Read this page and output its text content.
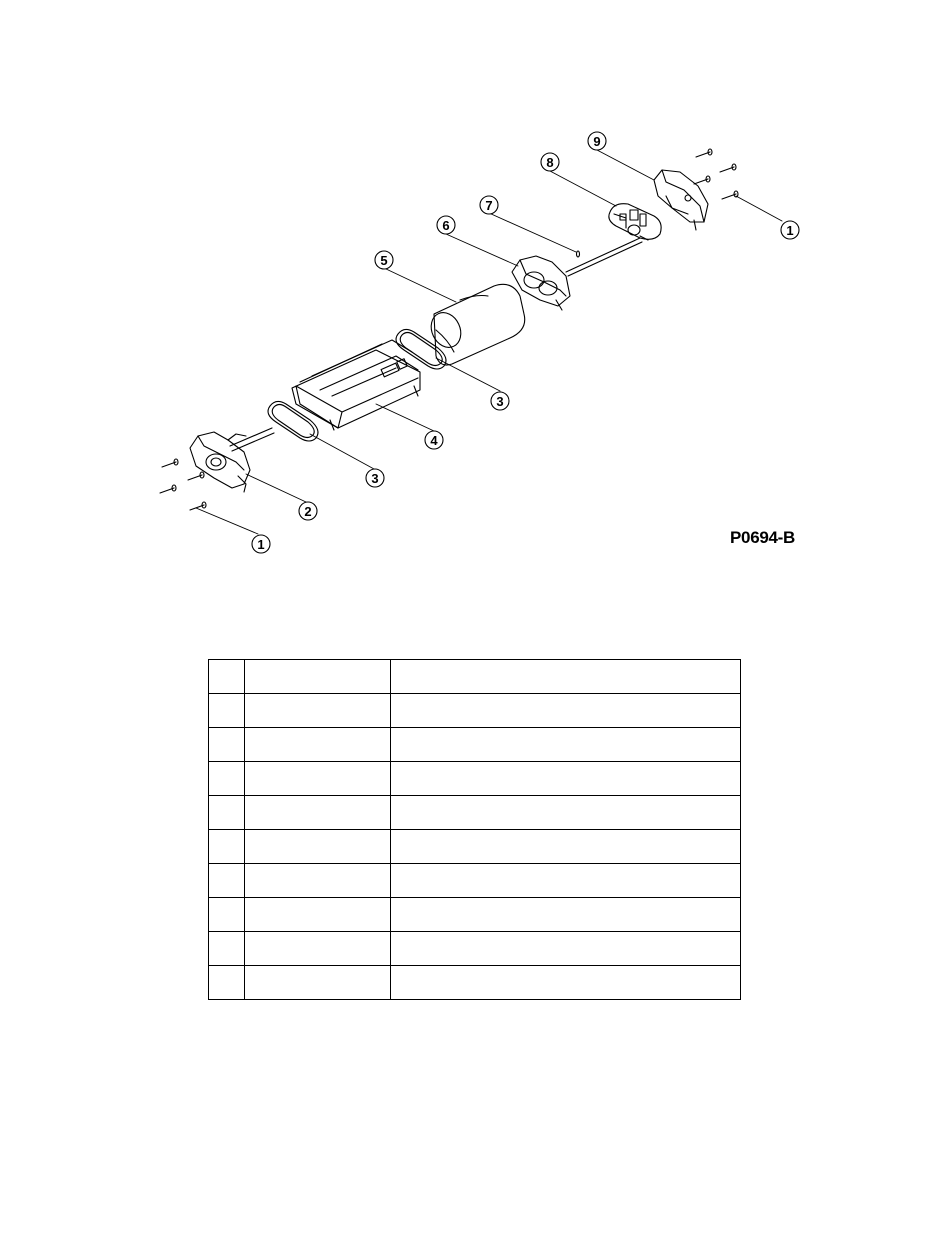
9
8
7
6
5
3
4
3
2
1
1
P0694-B
